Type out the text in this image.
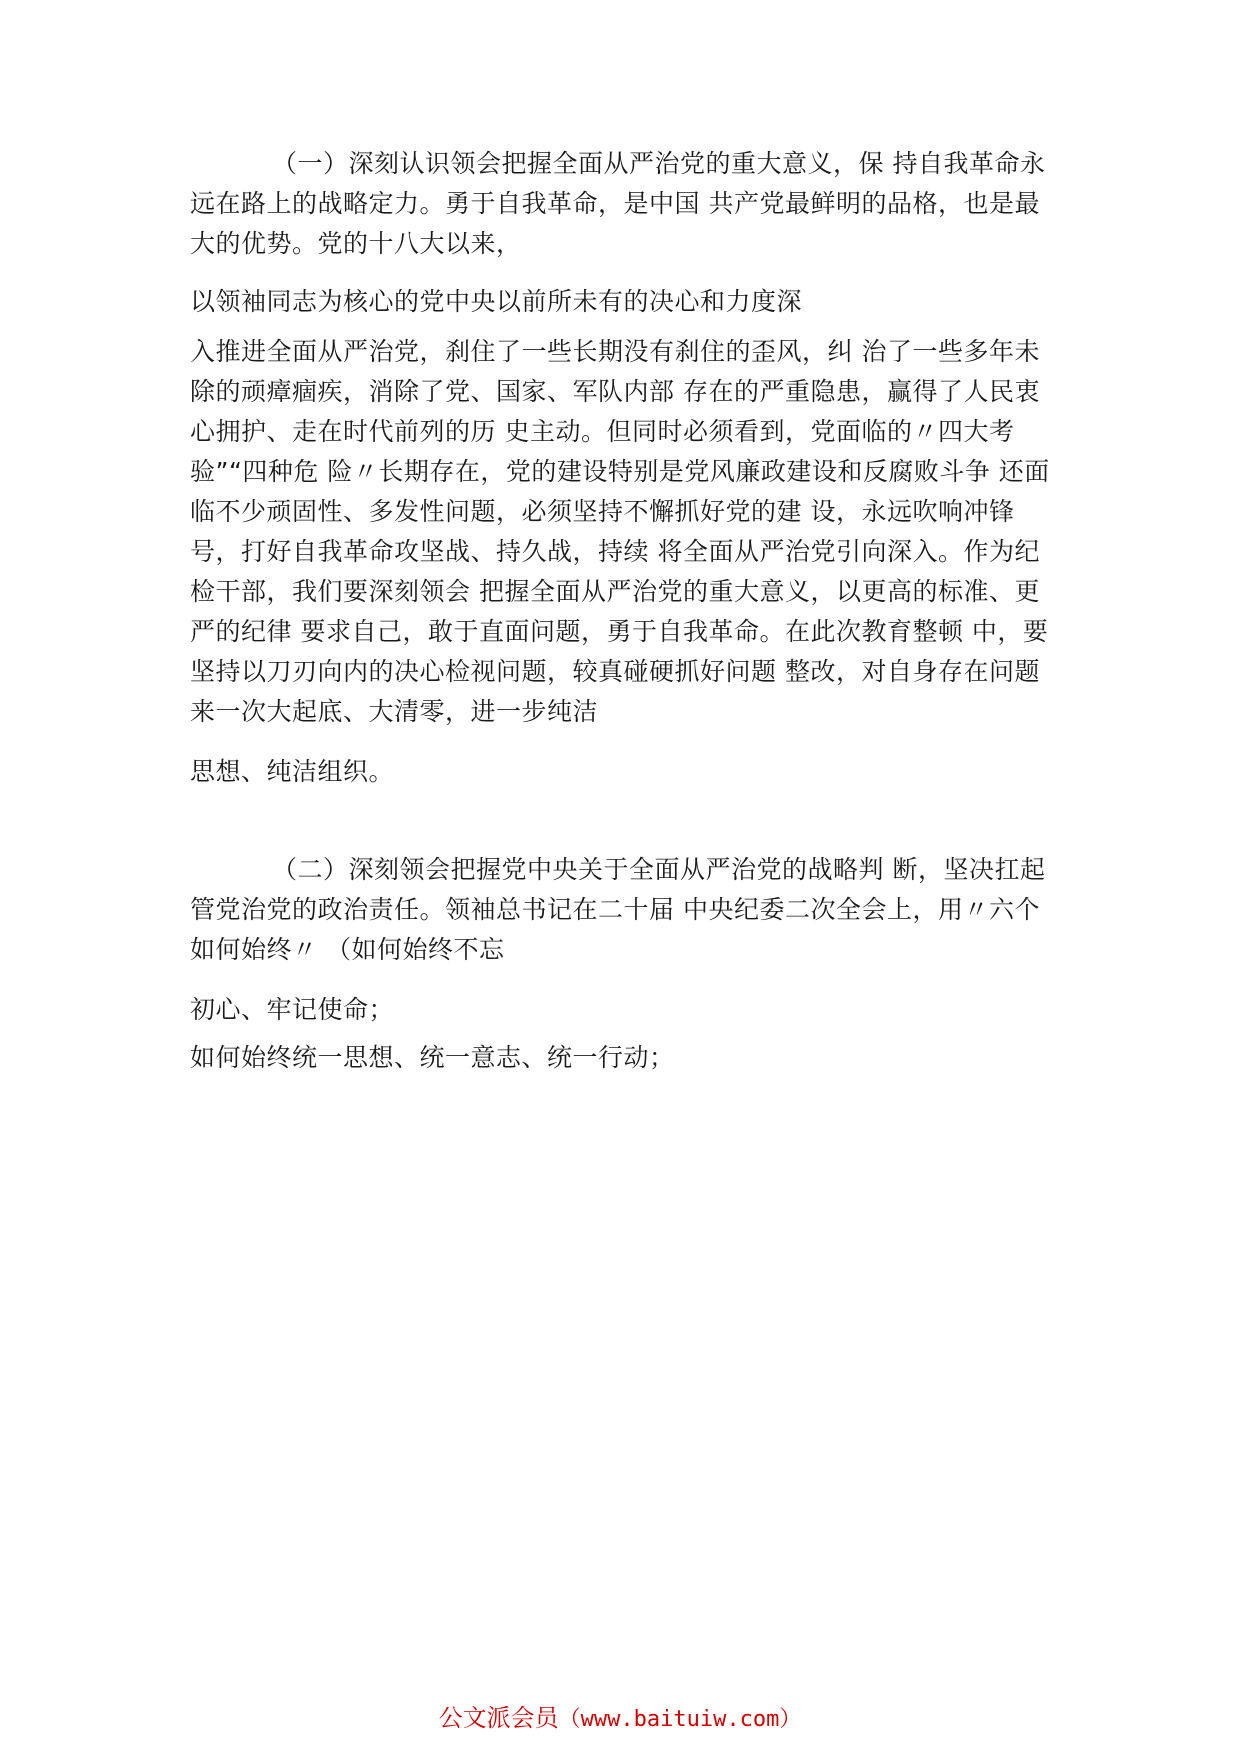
（一）深刻认识领会把握全面从严治党的重大意义，保 持自我革命永远在路上的战略定力。勇于自我革命，是中国 共产党最鲜明的品格，也是最大的优势。党的十八大以来，

以领袖同志为核心的党中央以前所未有的决心和力度深

入推进全面从严治党，刹住了一些长期没有刹住的歪风，纠 治了一些多年未除的顽瘴痼疾，消除了党、国家、军队内部 存在的严重隐患，赢得了人民衷心拥护、走在时代前列的历 史主动。但同时必须看到，党面临的〃四大考验”“四种危 险〃长期存在，党的建设特别是党风廉政建设和反腐败斗争 还面临不少顽固性、多发性问题，必须坚持不懈抓好党的建 设，永远吹响冲锋号，打好自我革命攻坚战、持久战，持续 将全面从严治党引向深入。作为纪检干部，我们要深刻领会 把握全面从严治党的重大意义，以更高的标准、更严的纪律 要求自己，敢于直面问题，勇于自我革命。在此次教育整顿 中，要坚持以刀刃向内的决心检视问题，较真碰硬抓好问题 整改，对自身存在问题来一次大起底、大清零，进一步纯洁

思想、纯洁组织。

（二）深刻领会把握党中央关于全面从严治党的战略判 断，坚决扛起管党治党的政治责任。领袖总书记在二十届 中央纪委二次全会上，用〃六个如何始终〃 （如何始终不忘

初心、牢记使命；

如何始终统一思想、统一意志、统一行动；

公文派会员（www.baituiw.com）
